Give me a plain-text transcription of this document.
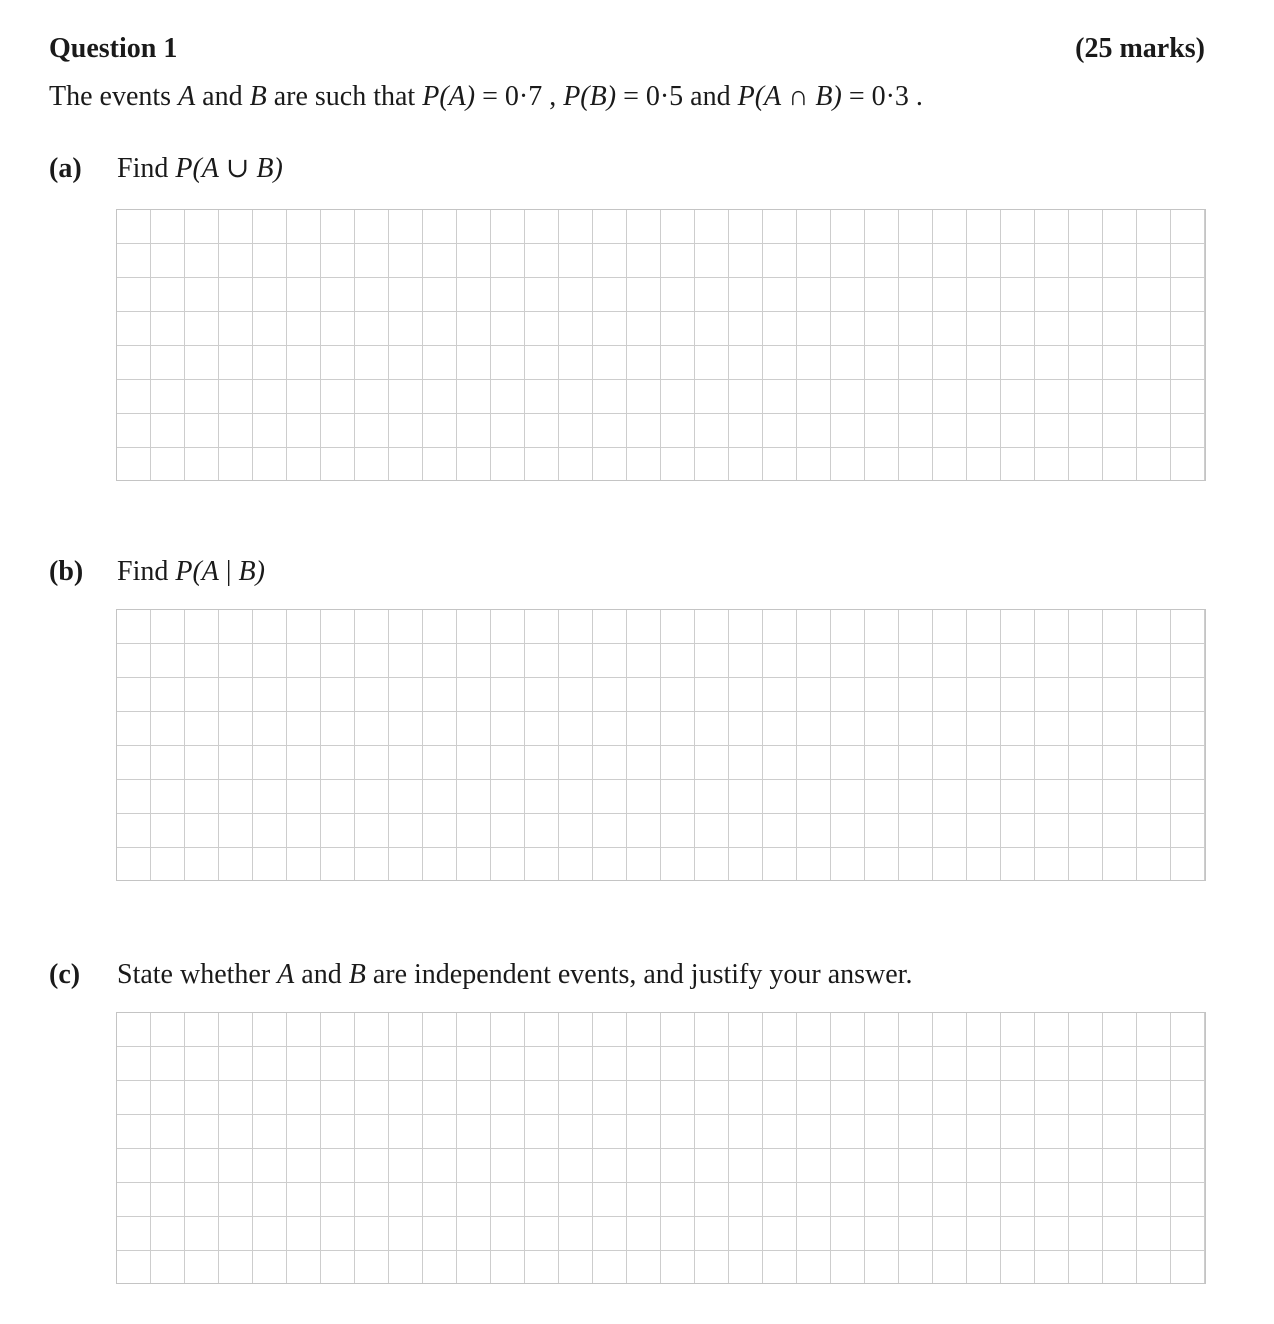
Question 1	(25 marks)
The events A and B are such that P(A) = 0·7 , P(B) = 0·5 and P(A ∩ B) = 0·3 .
(a) Find P(A ∪ B)
(b) Find P(A | B)
(c) State whether A and B are independent events, and justify your answer.
